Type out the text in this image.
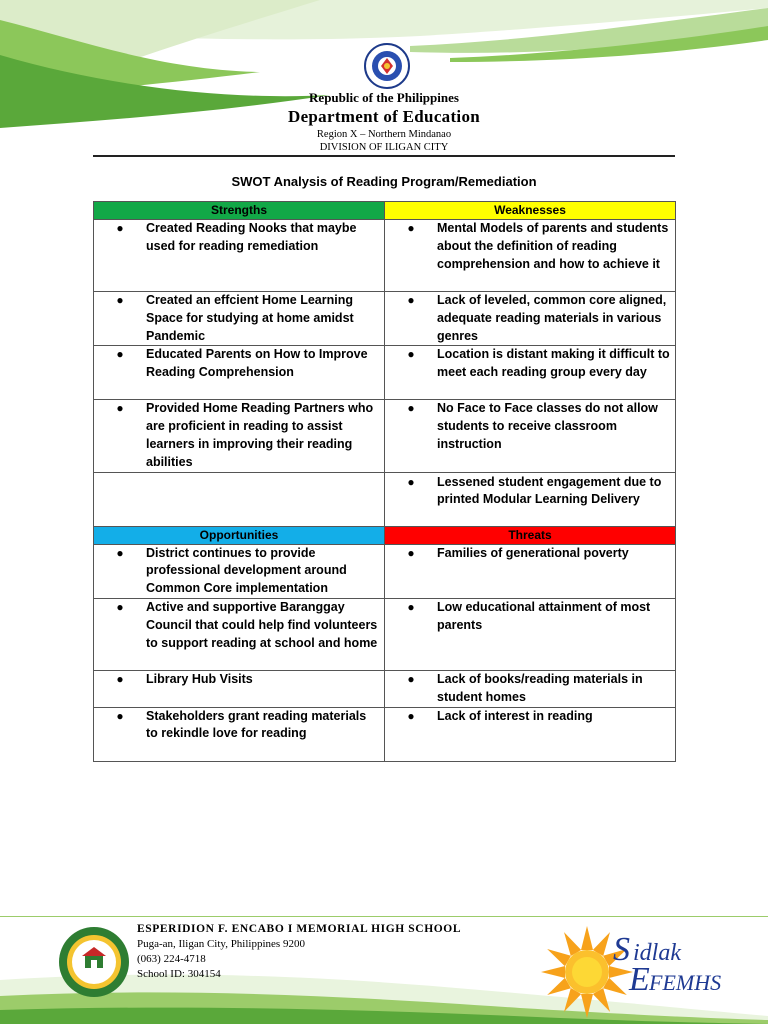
Republic of the Philippines
Department of Education
Region X – Northern Mindanao
DIVISION OF ILIGAN CITY
SWOT Analysis of Reading Program/Remediation
Strengths	Weaknesses

● Created Reading Nooks that maybe used for reading remediation	● Mental Models of parents and students about the definition of reading comprehension and how to achieve it

● Created an effcient Home Learning Space for studying at home amidst Pandemic	● Lack of leveled, common core aligned, adequate reading materials in various genres

● Educated Parents on How to Improve Reading Comprehension	● Location is distant making it difficult to meet each reading group every day

● Provided Home Reading Partners who are proficient in reading to assist learners in improving their reading abilities	● No Face to Face classes do not allow students to receive classroom instruction

	● Lessened student engagement due to printed Modular Learning Delivery

Opportunities	Threats

● District continues to provide professional development around Common Core implementation	● Families of generational poverty

● Active and supportive Baranggay Council that could help find volunteers to support reading at school and home	● Low educational attainment of most parents

● Library Hub Visits	● Lack of books/reading materials in student homes

● Stakeholders grant reading materials to rekindle love for reading	● Lack of interest in reading
ESPERIDION F. ENCABO I MEMORIAL HIGH SCHOOL
Puga-an, Iligan City, Philippines 9200
(063) 224-4718
School ID: 304154
S idlak
E FEMHS
